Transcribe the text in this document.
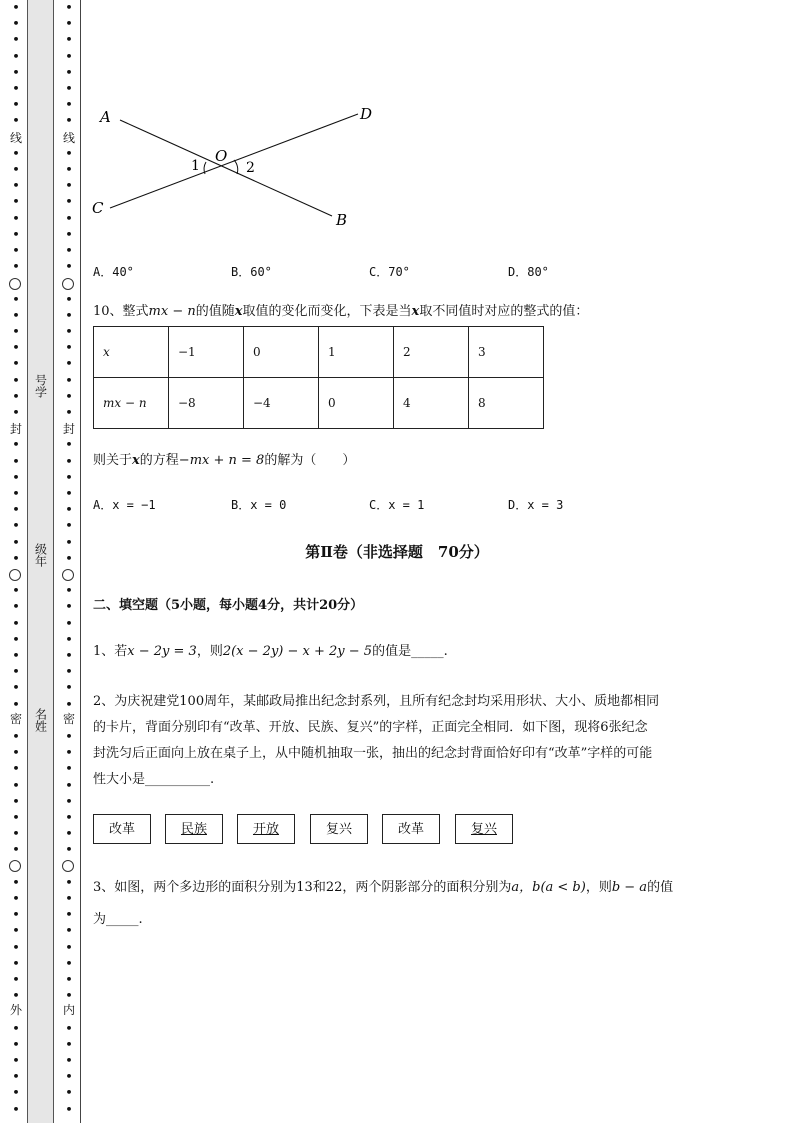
•
•
•
•
•
•
•
•
•
•
•
•
•
•
•
•
•
•
•
•
•
•
•
•
•
•
•
•
•
•
•
•
•
•
•
•
•
•
•
•
•
•
•
•
•
•
•
•
•
•
•
•
•
•
•
•
•
•
•
•
•
•
线
封
密
外
•
•
•
•
•
•
•
•
•
•
•
•
•
•
•
•
•
•
•
•
•
•
•
•
•
•
•
•
•
•
•
•
•
•
•
•
•
•
•
•
•
•
•
•
•
•
•
•
•
•
•
•
•
•
•
•
•
•
•
•
•
•
线
封
密
内
号学
级年
名姓
A
B
C
D
O
1	2
A．40°	B．60°	C．70°	D．80°
10、整式mx − n的值随x取值的变化而变化，下表是当x取不同值时对应的整式的值：
x	−1	0	1	2	3
mx − n	−8	−4	0	4	8
则关于x的方程−mx + n = 8的解为（　　）
A．x = −1	B．x = 0	C．x = 1	D．x = 3
第Ⅱ卷（非选择题　70分）
二、填空题（5小题，每小题4分，共计20分）
1、若x − 2y = 3，则2(x − 2y) − x + 2y − 5的值是_____.
2、为庆祝建党100周年，某邮政局推出纪念封系列，且所有纪念封均采用形状、大小、质地都相同
的卡片，背面分别印有“改革、开放、民族、复兴”的字样，正面完全相同．如下图，现将6张纪念
封洗匀后正面向上放在桌子上，从中随机抽取一张，抽出的纪念封背面恰好印有“改革”字样的可能
性大小是__________.
改革	民族	开放	复兴	改革	复兴
3、如图，两个多边形的面积分别为13和22，两个阴影部分的面积分别为a，b(a < b)，则b − a的值
为_____.
